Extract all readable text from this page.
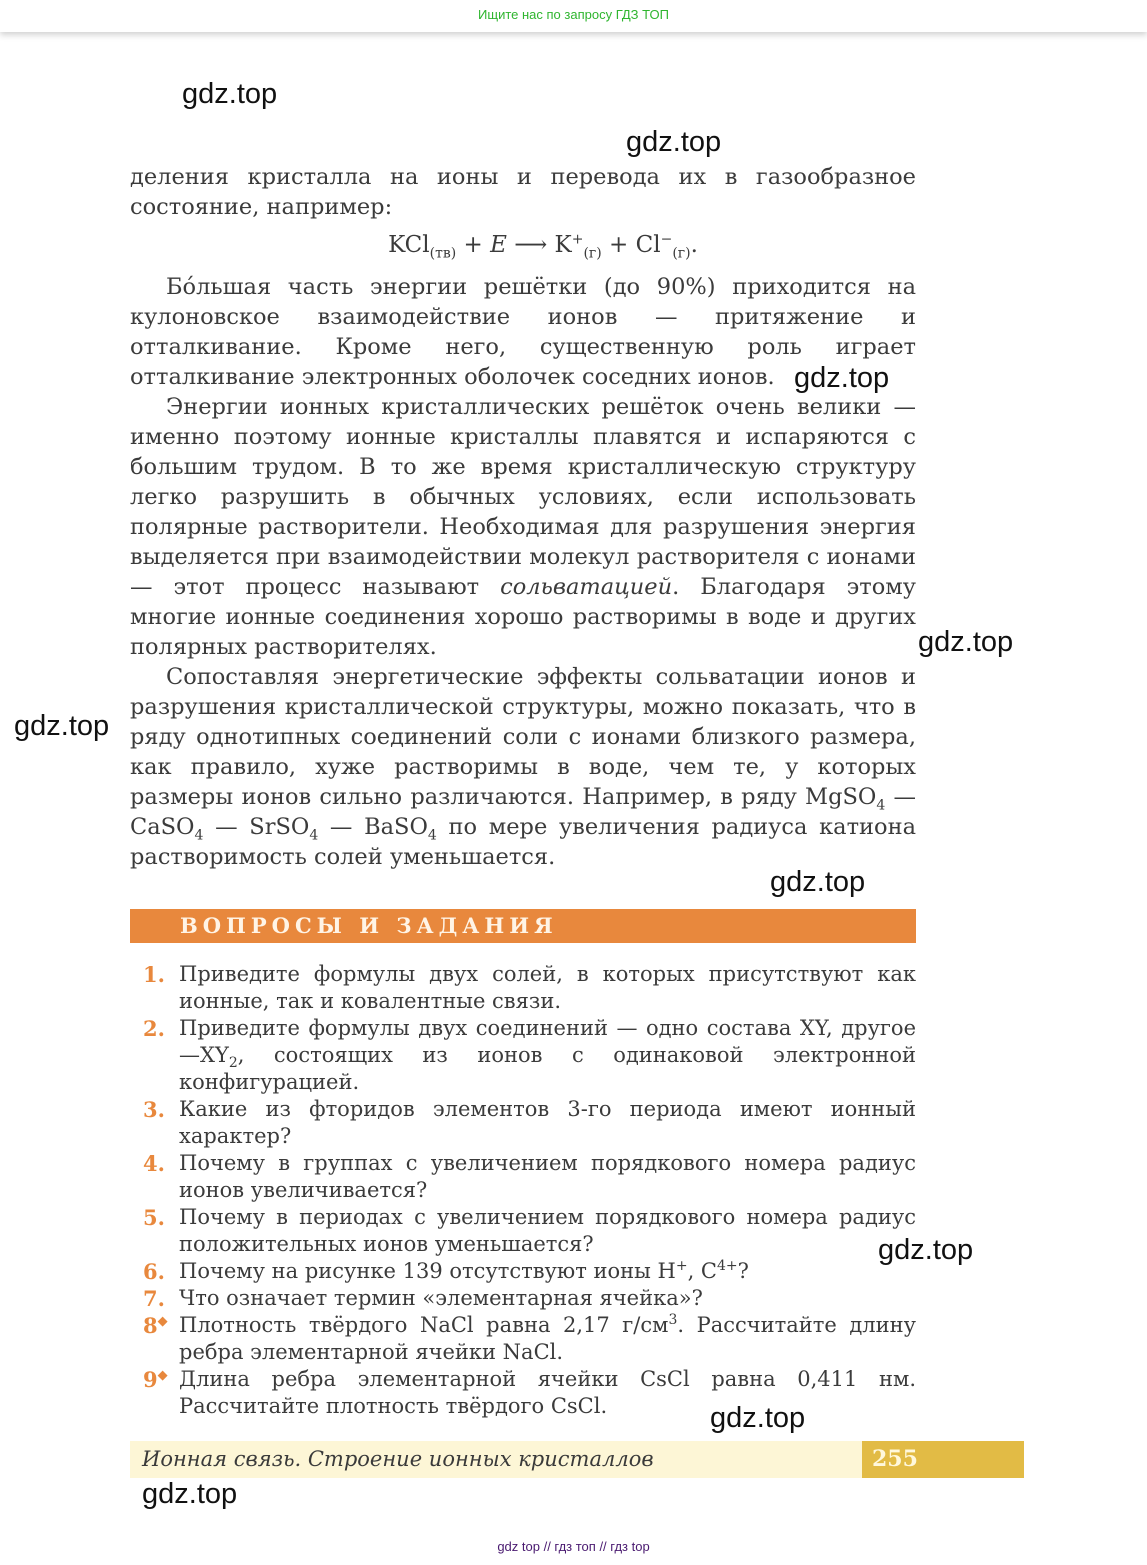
Ищите нас по запросу ГДЗ ТОП
gdz.top
gdz.top

деления кристалла на ионы и перевода их в газообразное состояние, например:

KCl$_{(тв)}$ + E ⟶ $K^+_{(г)} + Cl^-_{(г)}$.

Бо́льшая часть энергии решётки (до 90%) приходится на кулоновское взаимодействие ионов — притяжение и отталкивание. Кроме него, существенную роль играет отталкивание электронных оболочек соседних ионов.

Энергии ионных кристаллических решёток очень велики — именно поэтому ионные кристаллы плавятся и испаряются с большим трудом. В то же время кристаллическую структуру легко разрушить в обычных условиях, если использовать полярные растворители. Необходимая для разрушения энергия выделяется при взаимодействии молекул растворителя с ионами — этот процесс называют сольватацией. Благодаря этому многие ионные соединения хорошо растворимы в воде и других полярных растворителях.

Сопоставляя энергетические эффекты сольватации ионов и разрушения кристаллической структуры, можно показать, что в ряду однотипных соединений соли с ионами близкого размера, как правило, хуже растворимы в воде, чем те, у которых размеры ионов сильно различаются. Например, в ряду MgSO$_4$ — CaSO$_4$ — SrSO$_4$ — BaSO$_4$ по мере увеличения радиуса катиона растворимость солей уменьшается.

gdz.top
gdz.top
gdz.top
gdz.top
ВОПРОСЫ И ЗАДАНИЯ
1. Приведите формулы двух солей, в которых присутствуют как ионные, так и ковалентные связи.
2. Приведите формулы двух соединений — одно состава XY, другое $—XY_2$, состоящих из ионов с одинаковой электронной конфигурацией.
3. Какие из фторидов элементов 3-го периода имеют ионный характер?
4. Почему в группах с увеличением порядкового номера радиус ионов увеличивается?
5. Почему в периодах с увеличением порядкового номера радиус положительных ионов уменьшается?
6. Почему на рисунке 139 отсутствуют ионы H+, $C^{4+}$?
7. Что означает термин «элементарная ячейка»?
8◆ Плотность твёрдого NaCl равна 2,17 $г/см^3$. Рассчитайте длину ребра элементарной ячейки NaCl.
9◆ Длина ребра элементарной ячейки CsCl равна 0,411 нм. Рассчитайте плотность твёрдого CsCl.
gdz.top
gdz.top
Ионная связь. Строение ионных кристаллов	255
gdz.top
gdz top // гдз топ // гдз top
